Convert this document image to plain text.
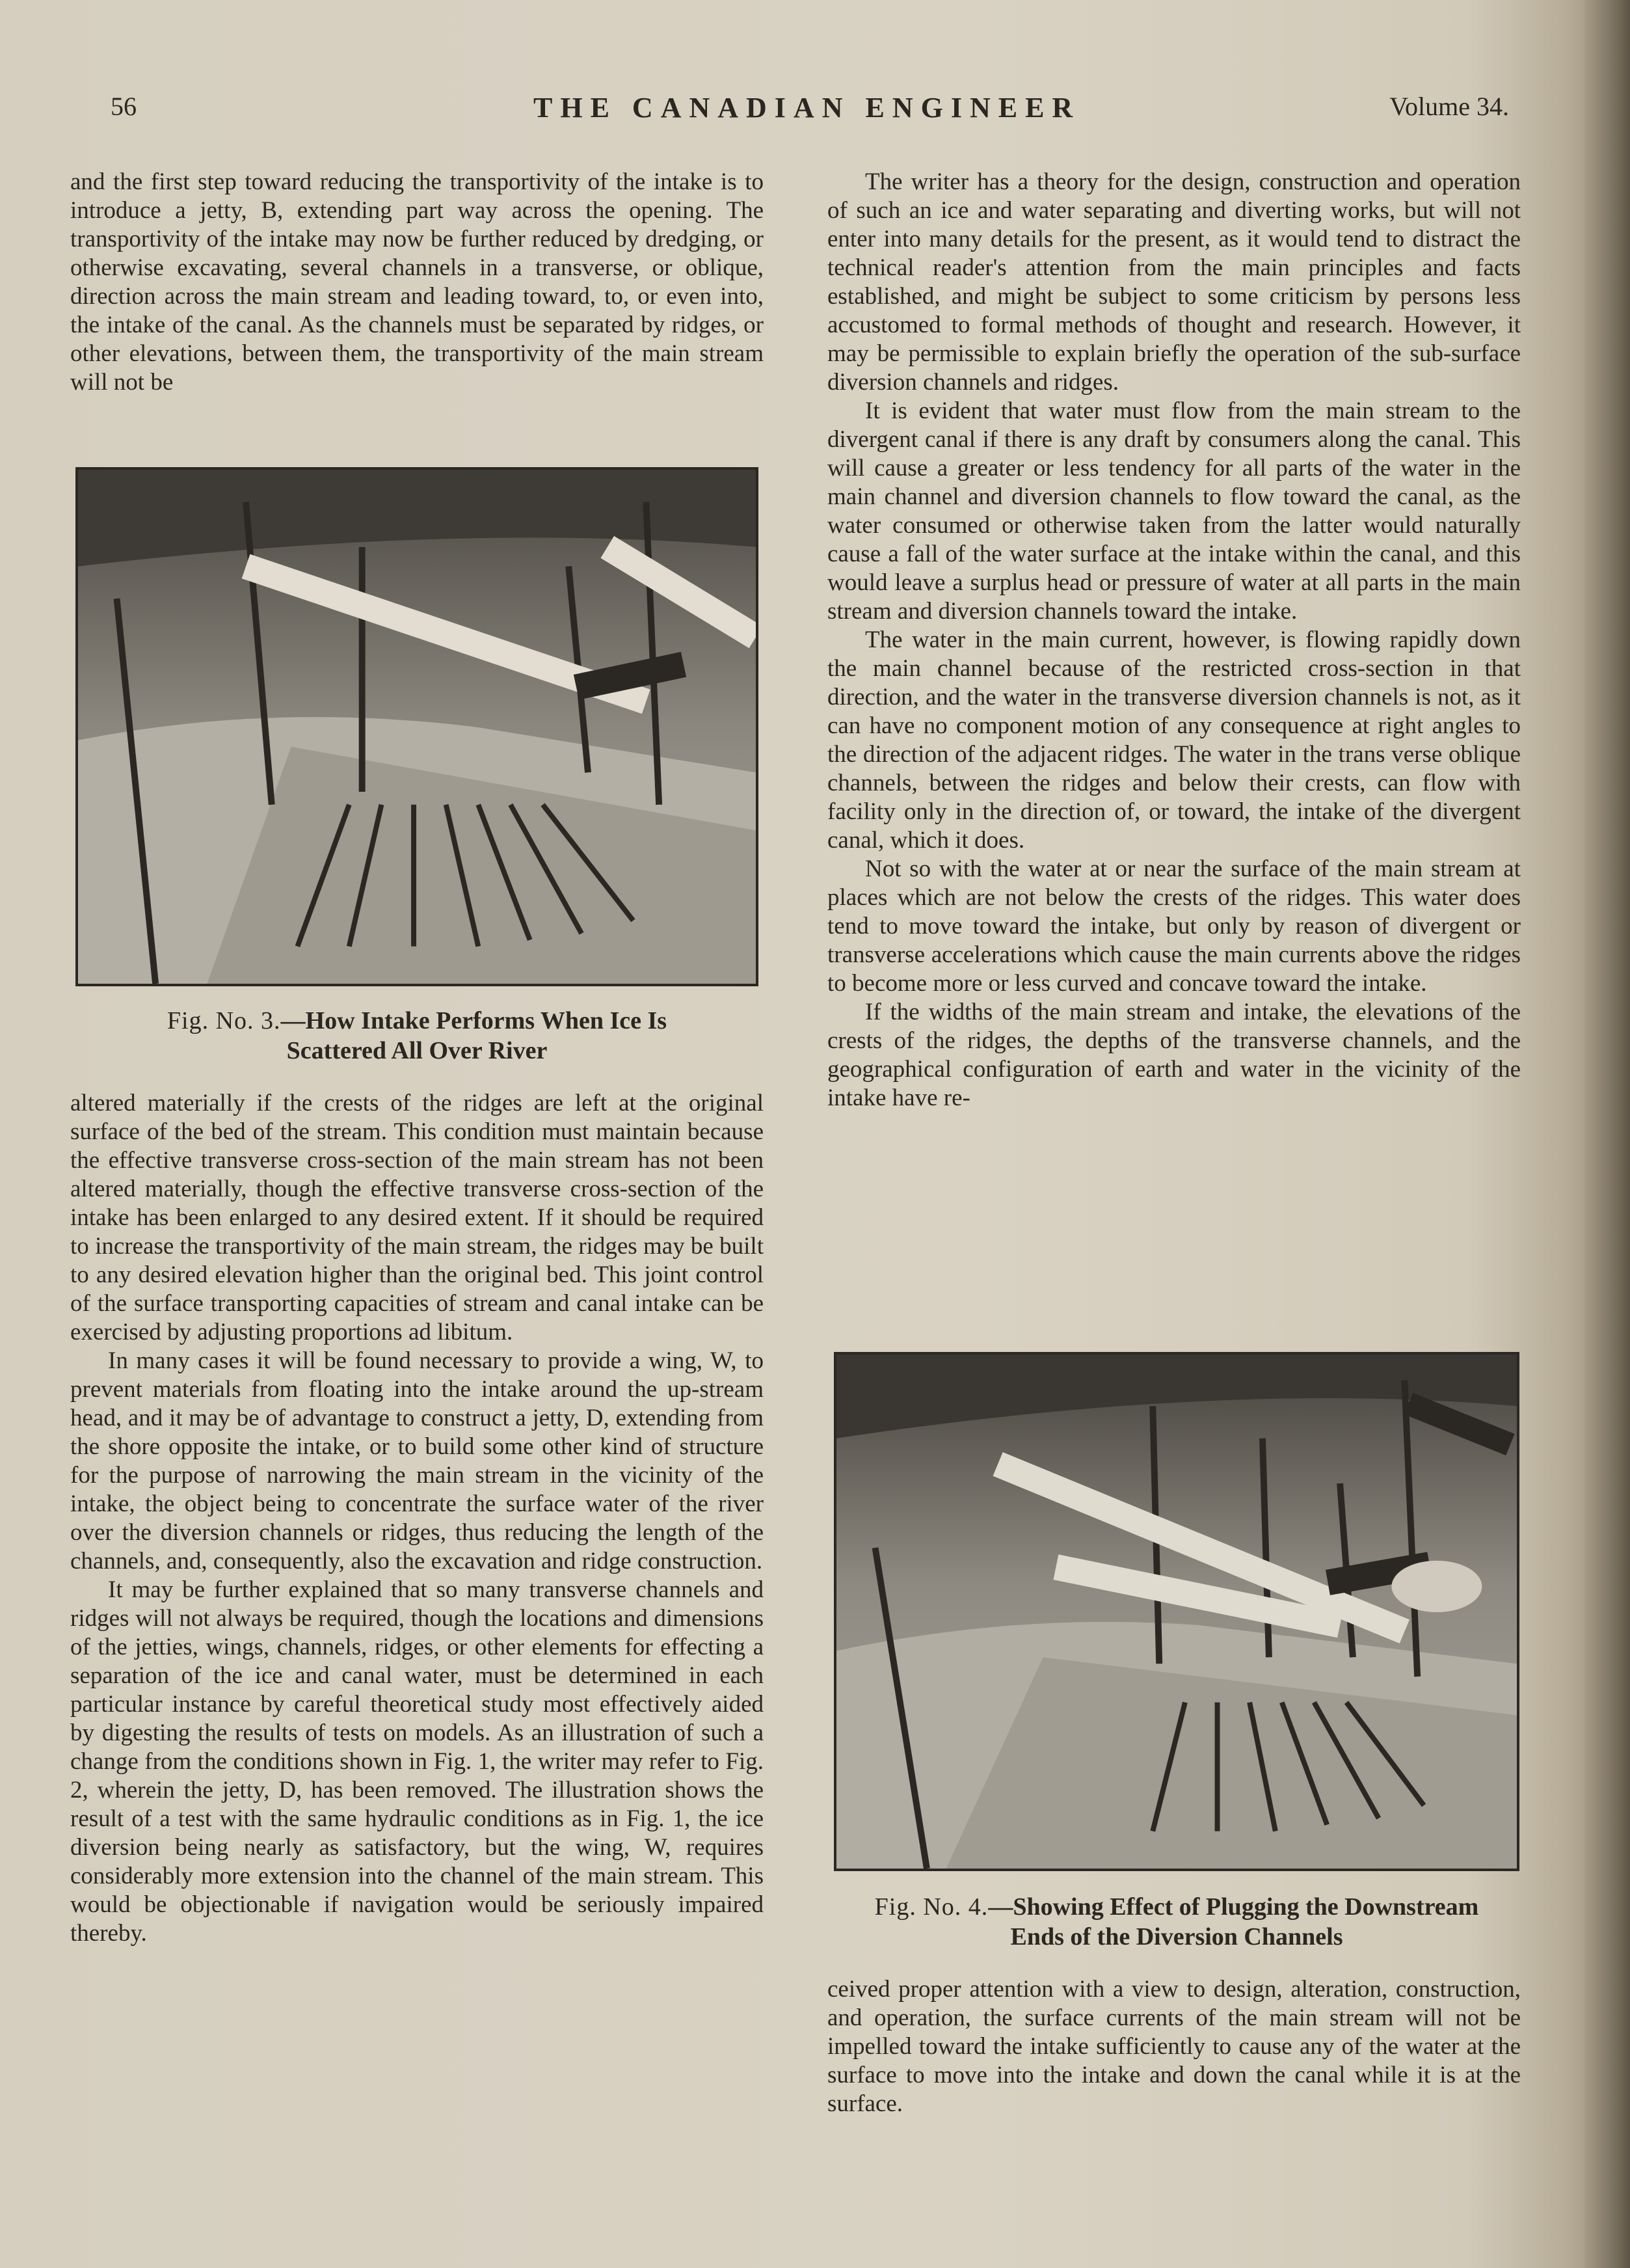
56	THE CANADIAN ENGINEER	Volume 34.

and the first step toward reducing the transportivity of the intake is to introduce a jetty, B, extending part way across the opening. The transportivity of the intake may now be further reduced by dredging, or otherwise excavating, several channels in a transverse, or oblique, direction across the main stream and leading toward, to, or even into, the intake of the canal. As the channels must be separated by ridges, or other elevations, between them, the transportivity of the main stream will not be

Fig. No. 3.—How Intake Performs When Ice Is
Scattered All Over River

altered materially if the crests of the ridges are left at the original surface of the bed of the stream. This condition must maintain because the effective transverse cross-section of the main stream has not been altered materially, though the effective transverse cross-section of the intake has been enlarged to any desired extent. If it should be required to increase the transportivity of the main stream, the ridges may be built to any desired elevation higher than the original bed. This joint control of the surface transporting capacities of stream and canal intake can be exercised by adjusting proportions ad libitum.

In many cases it will be found necessary to provide a wing, W, to prevent materials from floating into the intake around the up-stream head, and it may be of advantage to construct a jetty, D, extending from the shore opposite the intake, or to build some other kind of structure for the purpose of narrowing the main stream in the vicinity of the intake, the object being to concentrate the surface water of the river over the diversion channels or ridges, thus reducing the length of the channels, and, consequently, also the excavation and ridge construction.

It may be further explained that so many transverse channels and ridges will not always be required, though the locations and dimensions of the jetties, wings, channels, ridges, or other elements for effecting a separation of the ice and canal water, must be determined in each particular instance by careful theoretical study most effectively aided by digesting the results of tests on models. As an illustration of such a change from the conditions shown in Fig. 1, the writer may refer to Fig. 2, wherein the jetty, D, has been removed. The illustration shows the result of a test with the same hydraulic conditions as in Fig. 1, the ice diversion being nearly as satisfactory, but the wing, W, requires considerably more extension into the channel of the main stream. This would be objectionable if navigation would be seriously impaired thereby.

The writer has a theory for the design, construction and operation of such an ice and water separating and diverting works, but will not enter into many details for the present, as it would tend to distract the technical reader's attention from the main principles and facts established, and might be subject to some criticism by persons less accustomed to formal methods of thought and research. However, it may be permissible to explain briefly the operation of the sub-surface diversion channels and ridges.

It is evident that water must flow from the main stream to the divergent canal if there is any draft by consumers along the canal. This will cause a greater or less tendency for all parts of the water in the main channel and diversion channels to flow toward the canal, as the water consumed or otherwise taken from the latter would naturally cause a fall of the water surface at the intake within the canal, and this would leave a surplus head or pressure of water at all parts in the main stream and diversion channels toward the intake.

The water in the main current, however, is flowing rapidly down the main channel because of the restricted cross-section in that direction, and the water in the transverse diversion channels is not, as it can have no component motion of any consequence at right angles to the direction of the adjacent ridges. The water in the trans verse oblique channels, between the ridges and below their crests, can flow with facility only in the direction of, or toward, the intake of the divergent canal, which it does.

Not so with the water at or near the surface of the main stream at places which are not below the crests of the ridges. This water does tend to move toward the intake, but only by reason of divergent or transverse accelerations which cause the main currents above the ridges to become more or less curved and concave toward the intake.

If the widths of the main stream and intake, the elevations of the crests of the ridges, the depths of the transverse channels, and the geographical configuration of earth and water in the vicinity of the intake have re-

Fig. No. 4.—Showing Effect of Plugging the Downstream
Ends of the Diversion Channels

ceived proper attention with a view to design, alteration, construction, and operation, the surface currents of the main stream will not be impelled toward the intake sufficiently to cause any of the water at the surface to move into the intake and down the canal while it is at the surface.
